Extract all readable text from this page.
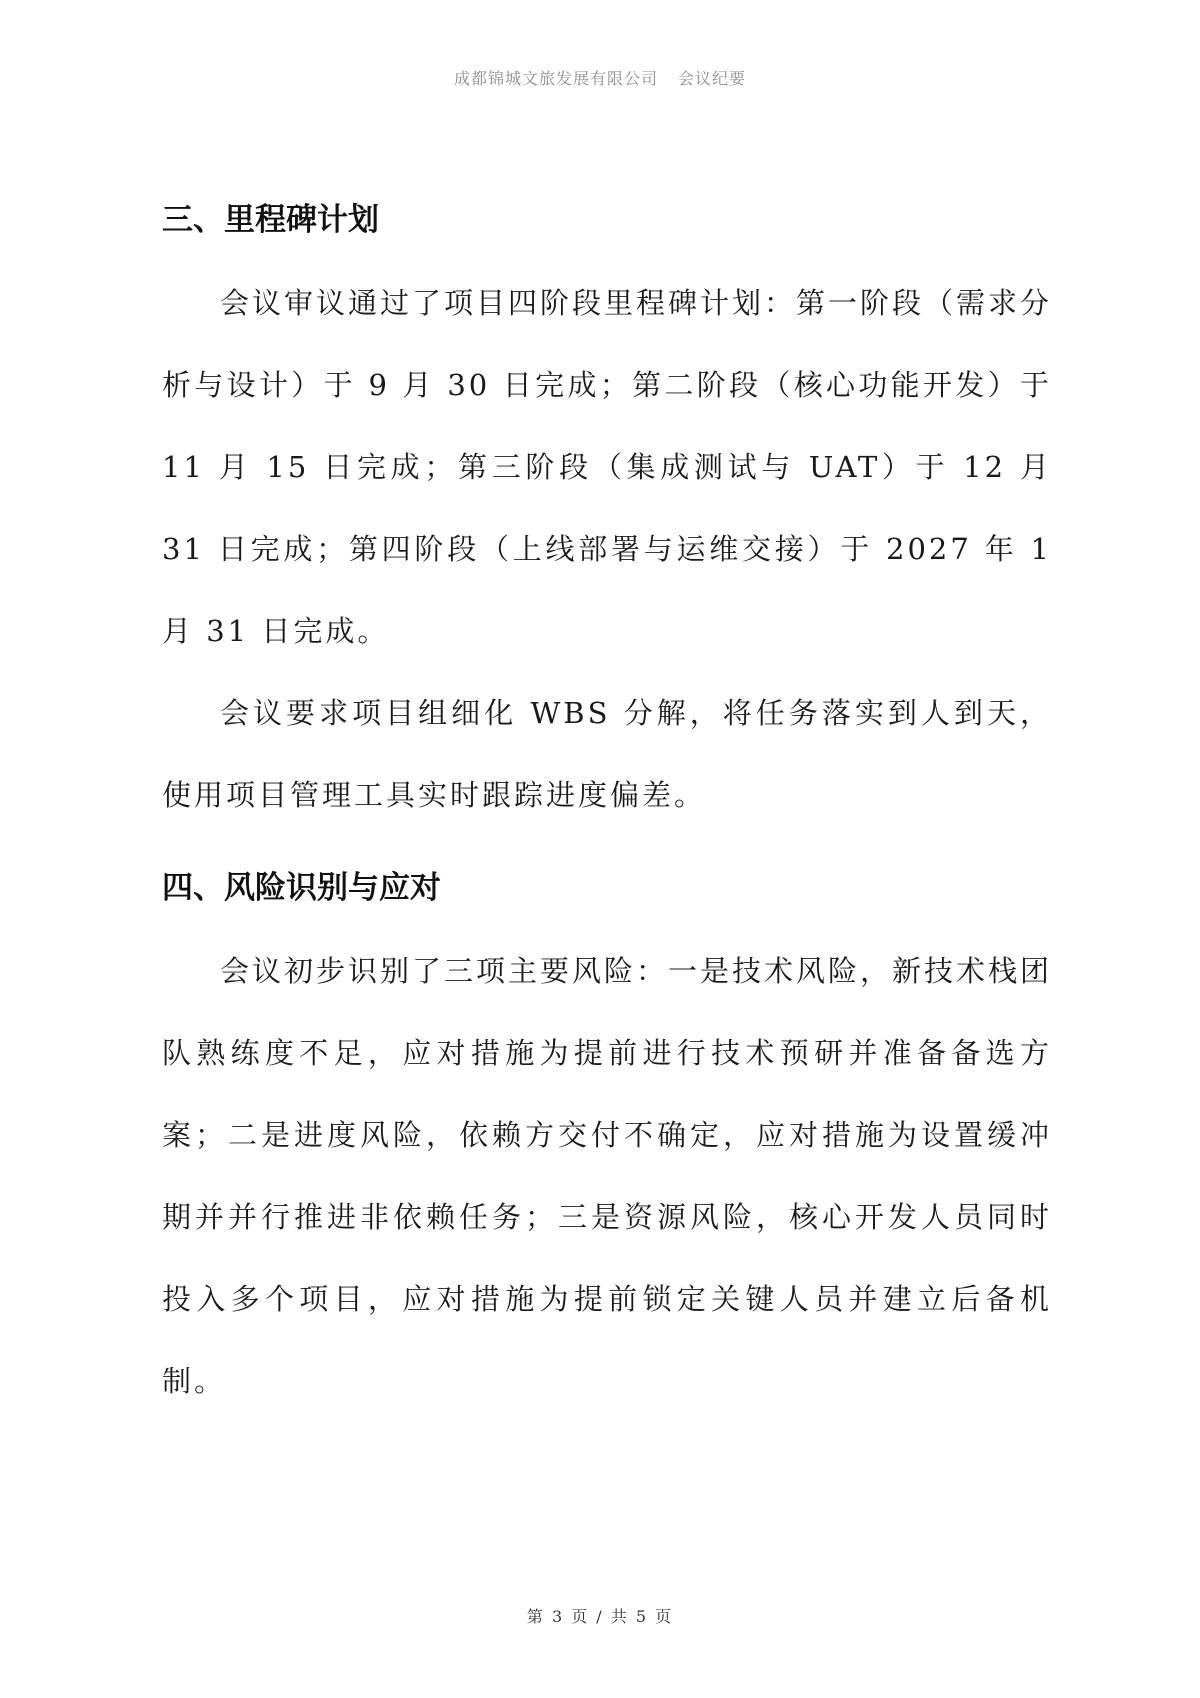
成都锦城文旅发展有限公司 会议纪要
三、里程碑计划

会议审议通过了项目四阶段里程碑计划：第一阶段（需求分析与设计）于 9 月 30 日完成；第二阶段（核心功能开发）于 11 月 15 日完成；第三阶段（集成测试与 UAT）于 12 月 31 日完成；第四阶段（上线部署与运维交接）于 2027 年 1 月 31 日完成。

会议要求项目组细化 WBS 分解，将任务落实到人到天，使用项目管理工具实时跟踪进度偏差。

四、风险识别与应对

会议初步识别了三项主要风险：一是技术风险，新技术栈团队熟练度不足，应对措施为提前进行技术预研并准备备选方案；二是进度风险，依赖方交付不确定，应对措施为设置缓冲期并并行推进非依赖任务；三是资源风险，核心开发人员同时投入多个项目，应对措施为提前锁定关键人员并建立后备机制。

第 3 页 / 共 5 页
